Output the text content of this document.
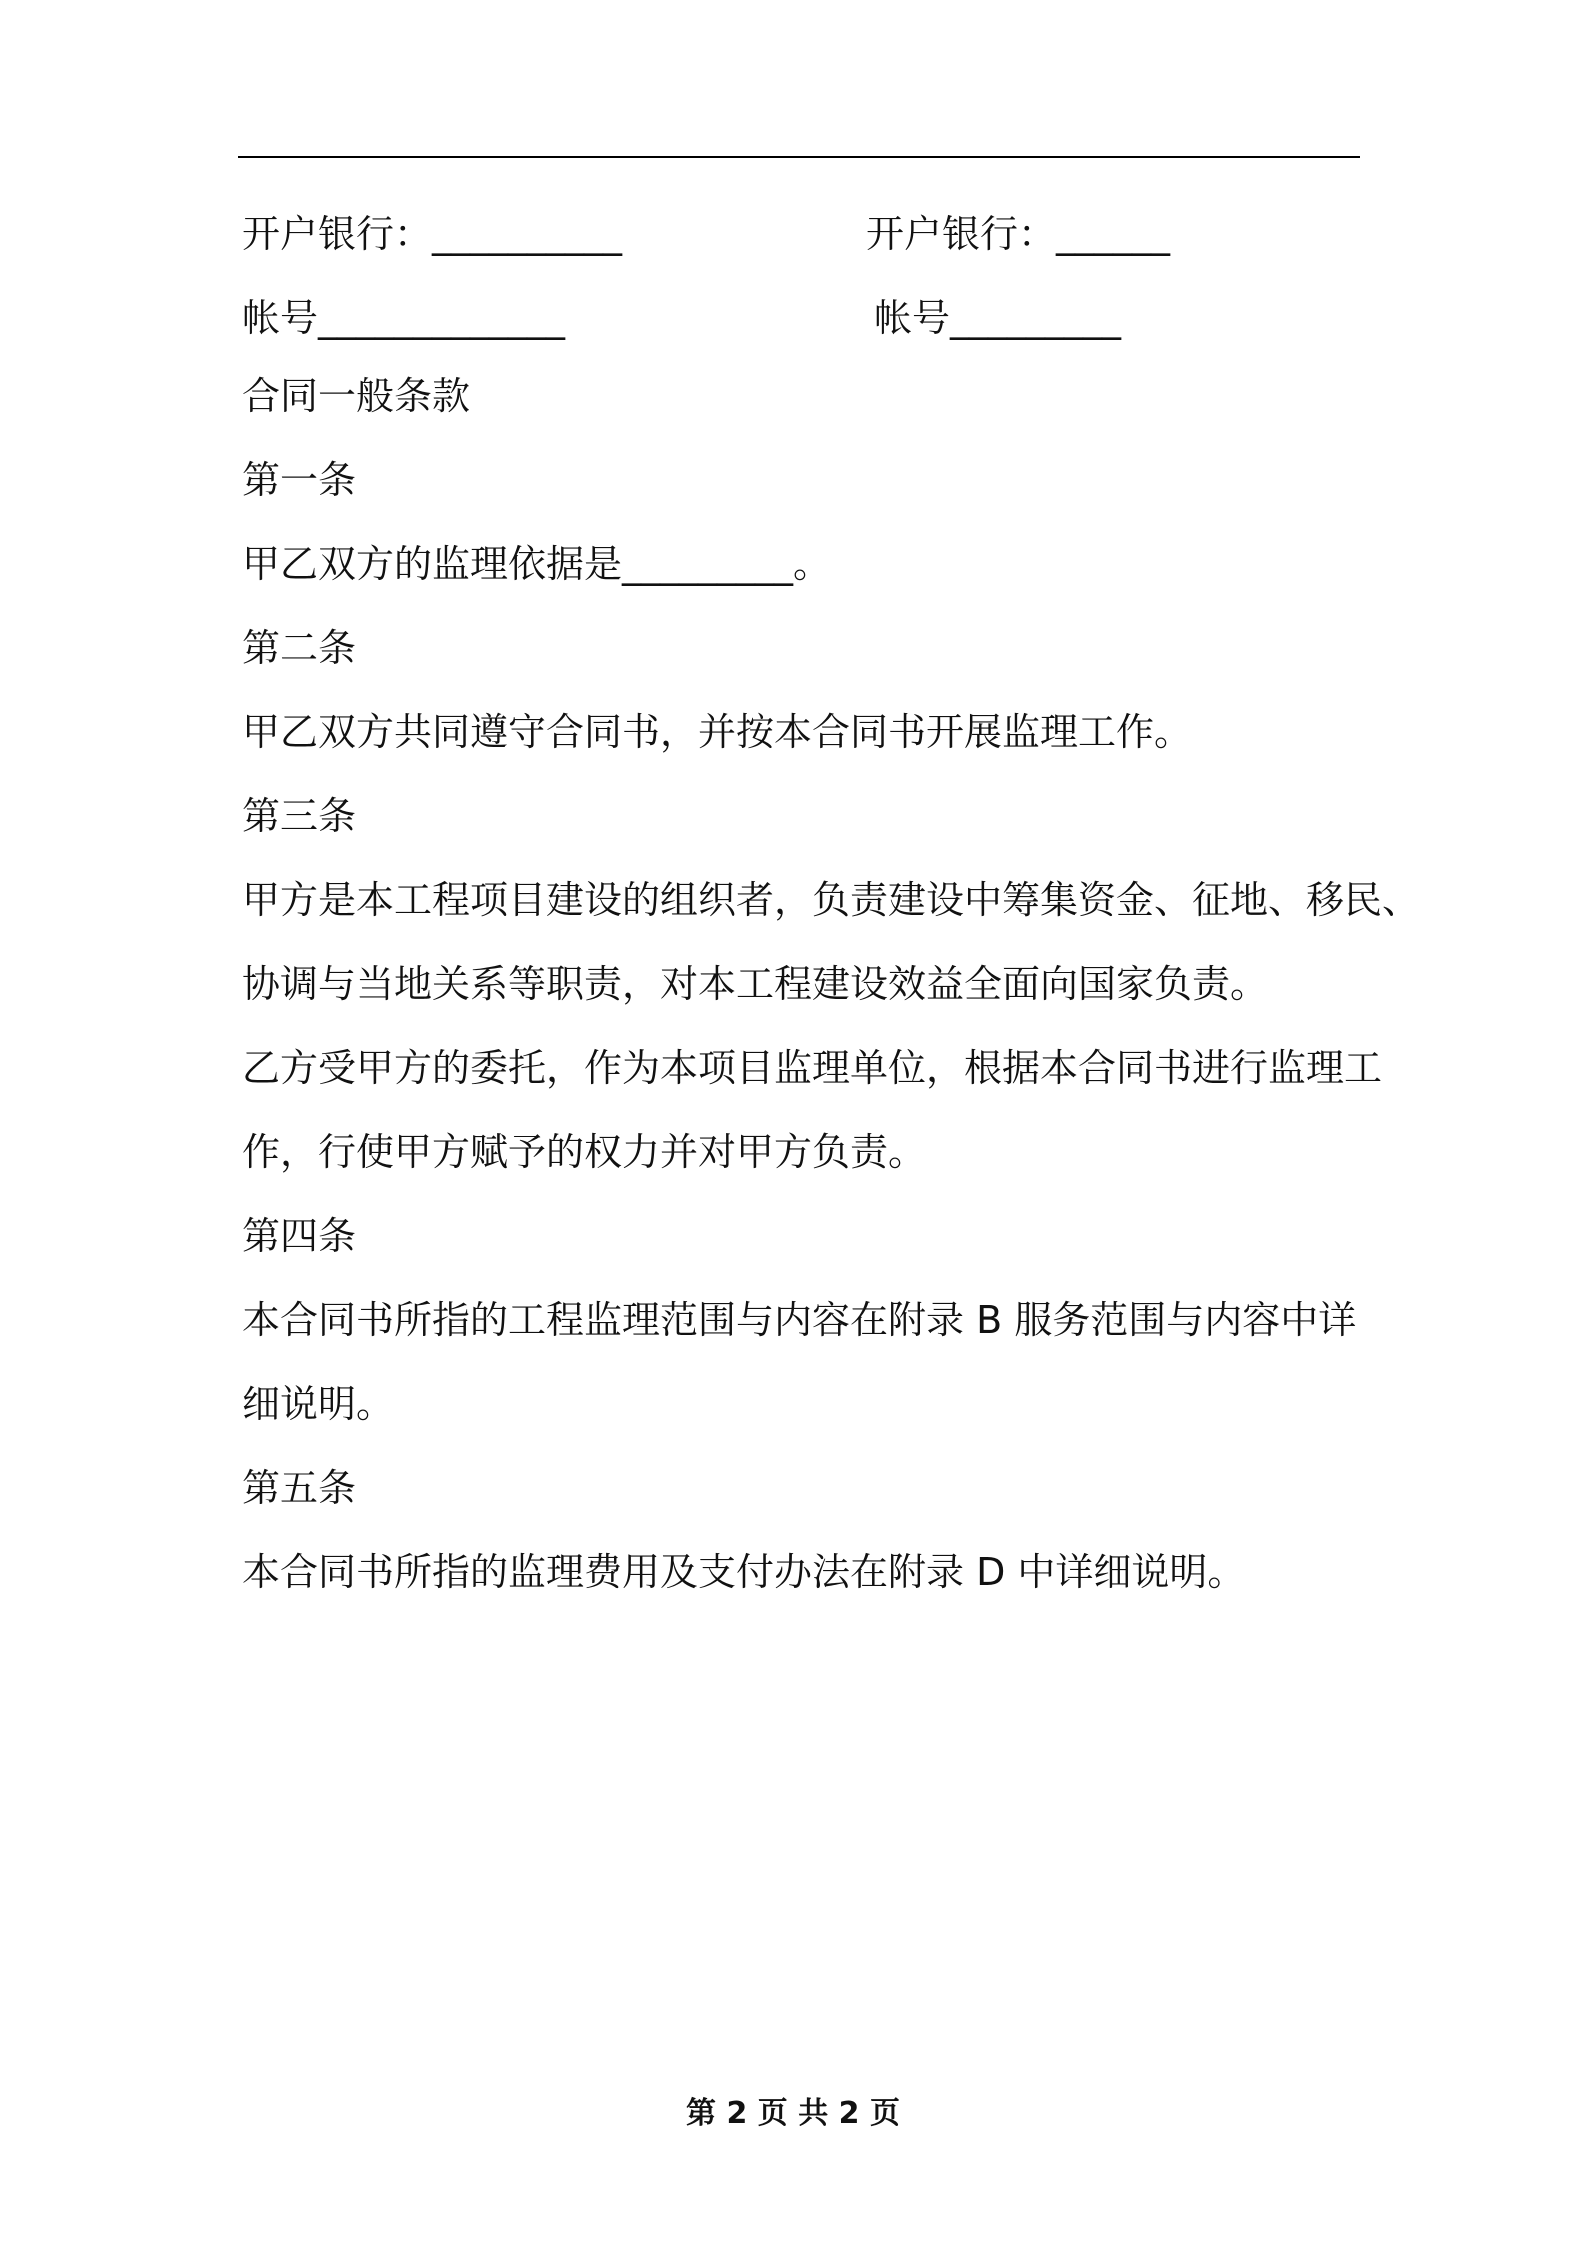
开户银行：__________	开户银行：______
帐号_____________	帐号_________
合同一般条款
第一条
甲乙双方的监理依据是_________。
第二条
甲乙双方共同遵守合同书，并按本合同书开展监理工作。
第三条
甲方是本工程项目建设的组织者，负责建设中筹集资金、征地、移民、
协调与当地关系等职责，对本工程建设效益全面向国家负责。
乙方受甲方的委托，作为本项目监理单位，根据本合同书进行监理工
作，行使甲方赋予的权力并对甲方负责。
第四条
本合同书所指的工程监理范围与内容在附录 B 服务范围与内容中详
细说明。
第五条
本合同书所指的监理费用及支付办法在附录 D 中详细说明。
第 2 页 共 2 页
